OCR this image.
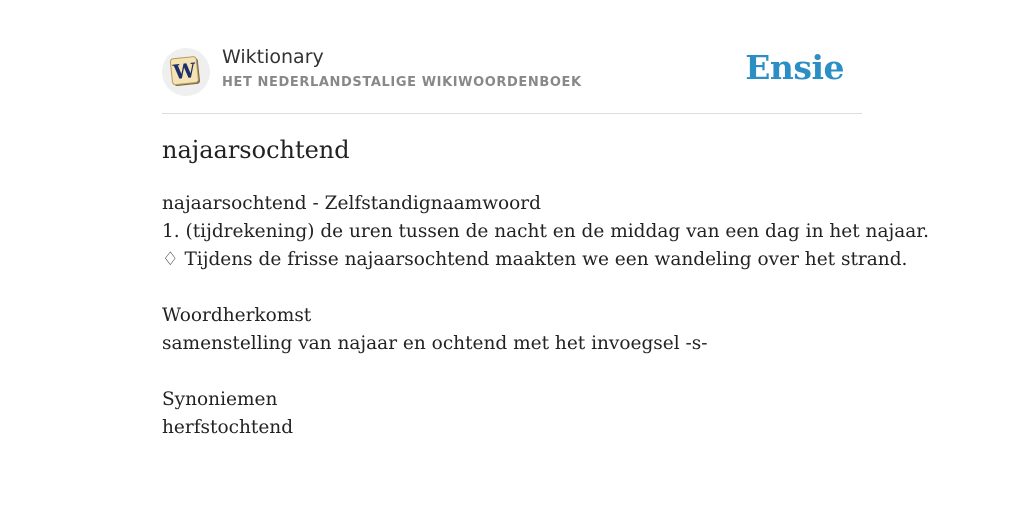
W
Wiktionary
HET NEDERLANDSTALIGE WIKIWOORDENBOEK	Ensie
najaarsochtend
najaarsochtend - Zelfstandignaamwoord
1. (tijdrekening) de uren tussen de nacht en de middag van een dag in het najaar.
♢ Tijdens de frisse najaarsochtend maakten we een wandeling over het strand.
Woordherkomst
samenstelling van najaar en ochtend met het invoegsel -s-
Synoniemen
herfstochtend
